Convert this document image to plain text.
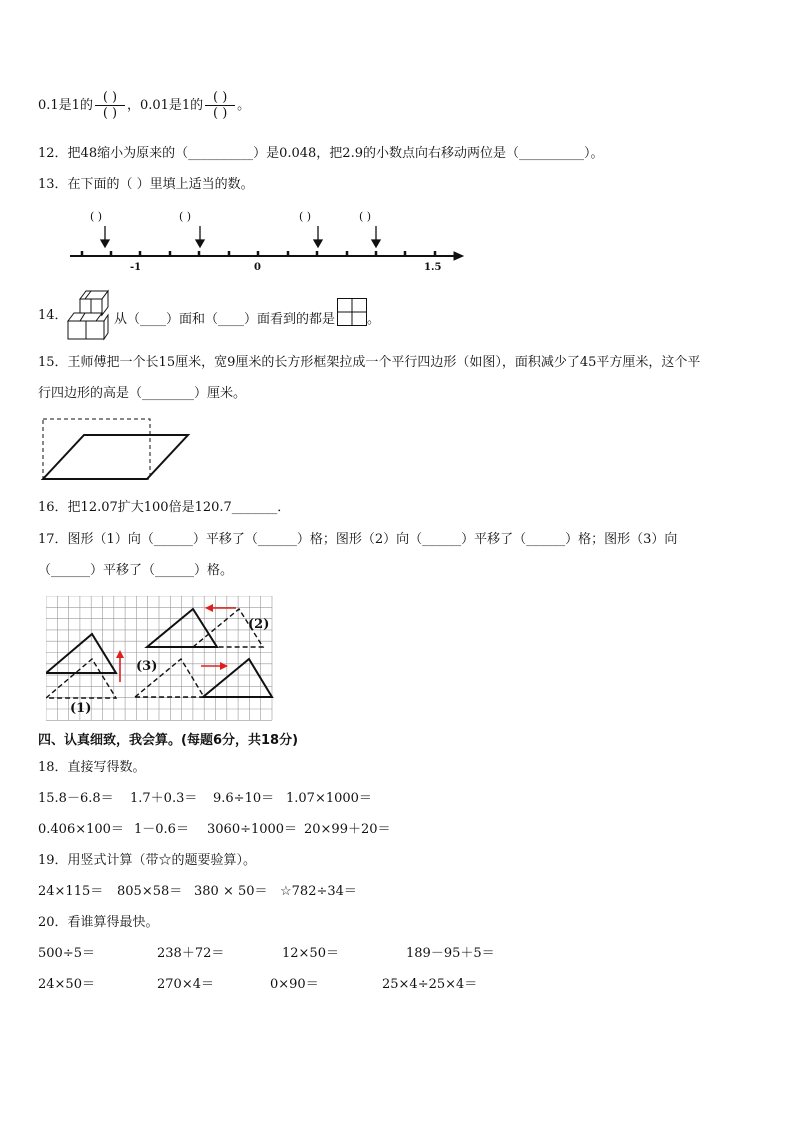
0.1是1的 $\frac{( )}{( )}$ ，0.01是1的 $\frac{( )}{( )}$ 。
12．把48缩小为原来的（__________）是0.048，把2.9的小数点向右移动两位是（__________）。
13．在下面的（ ）里填上适当的数。
( )	( )	( )	( )
-1	0	1.5
14．	从（____）面和（____）面看到的都是 。
15．王师傅把一个长15厘米，宽9厘米的长方形框架拉成一个平行四边形（如图），面积减少了45平方厘米，这个平
行四边形的高是（________）厘米。
16．把12.07扩大100倍是120.7_______．
17．图形（1）向（______）平移了（______）格；图形（2）向（______）平移了（______）格；图形（3）向
（______）平移了（______）格。
(1)
(2)
(3)
四、认真细致，我会算。(每题6分，共18分)
18．直接写得数。
15.8－6.8＝ 1.7＋0.3＝ 9.6÷10＝ 1.07×1000＝
0.406×100＝ 1－0.6＝ 3060÷1000＝ 20×99＋20＝
19．用竖式计算（带☆的题要验算）。
24×115＝ 805×58＝ 380 × 50＝ ☆782÷34＝
20．看谁算得最快。
500÷5＝	238＋72＝	12×50＝	189－95＋5＝
24×50＝	270×4＝	0×90＝	25×4÷25×4＝
